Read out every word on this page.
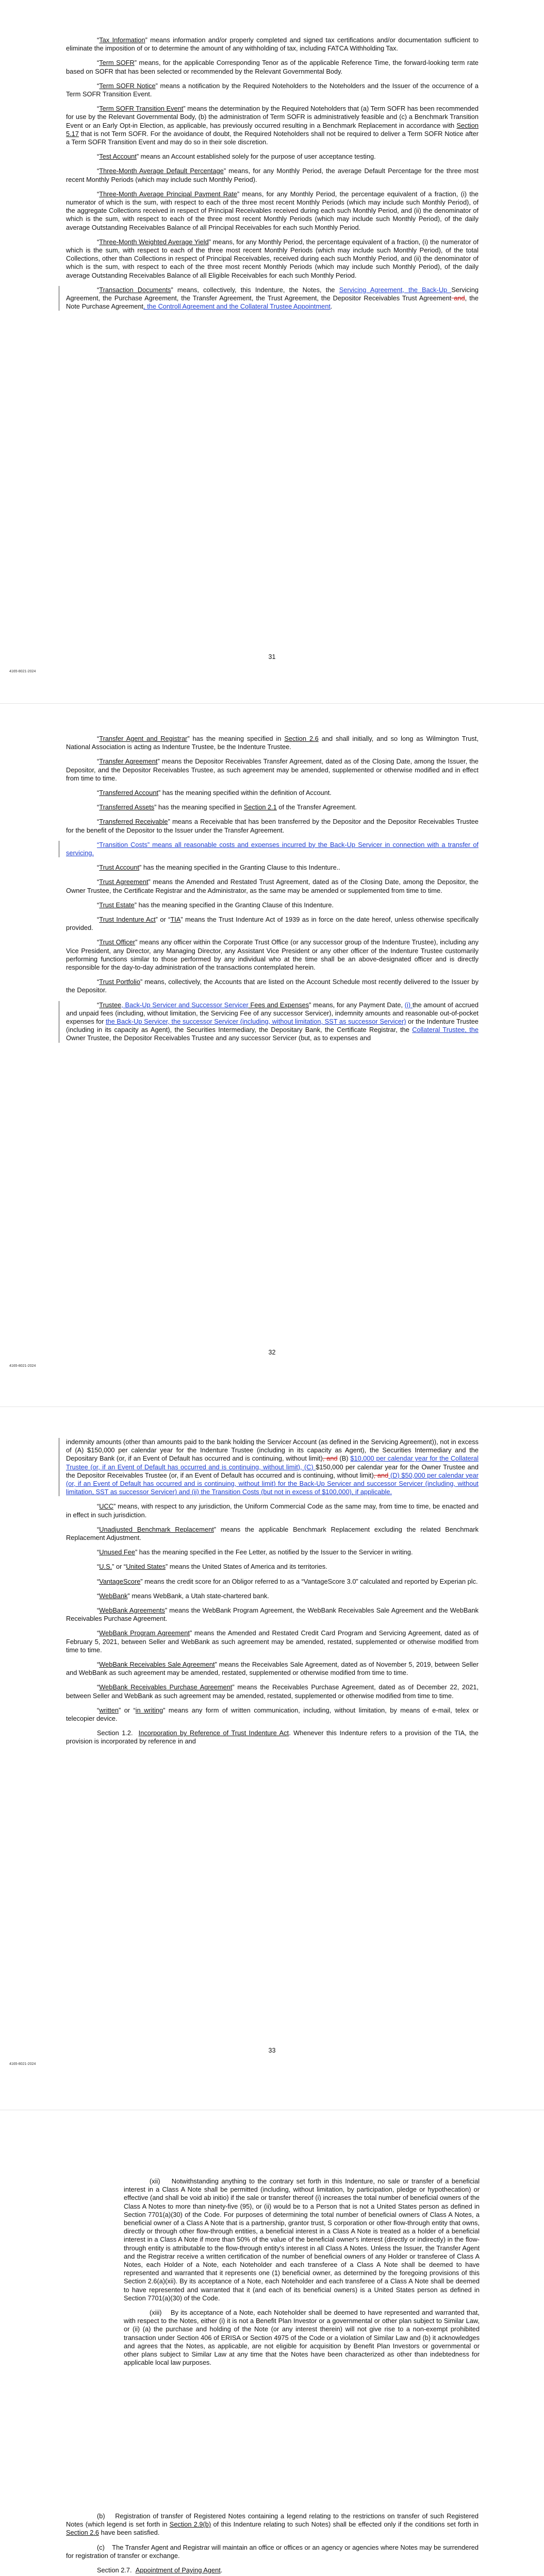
“Tax Information” means information and/or properly completed and signed tax certifications and/or documentation sufficient to eliminate the imposition of or to determine the amount of any withholding of tax, including FATCA Withholding Tax.

“Term SOFR” means, for the applicable Corresponding Tenor as of the applicable Reference Time, the forward-looking term rate based on SOFR that has been selected or recommended by the Relevant Governmental Body.

“Term SOFR Notice” means a notification by the Required Noteholders to the Noteholders and the Issuer of the occurrence of a Term SOFR Transition Event.

“Term SOFR Transition Event” means the determination by the Required Noteholders that (a) Term SOFR has been recommended for use by the Relevant Governmental Body, (b) the administration of Term SOFR is administratively feasible and (c) a Benchmark Transition Event or an Early Opt-in Election, as applicable, has previously occurred resulting in a Benchmark Replacement in accordance with Section 5.17 that is not Term SOFR. For the avoidance of doubt, the Required Noteholders shall not be required to deliver a Term SOFR Notice after a Term SOFR Transition Event and may do so in their sole discretion.

“Test Account” means an Account established solely for the purpose of user acceptance testing.

“Three-Month Average Default Percentage” means, for any Monthly Period, the average Default Percentage for the three most recent Monthly Periods (which may include such Monthly Period).

“Three-Month Average Principal Payment Rate” means, for any Monthly Period, the percentage equivalent of a fraction, (i) the numerator of which is the sum, with respect to each of the three most recent Monthly Periods (which may include such Monthly Period), of the aggregate Collections received in respect of Principal Receivables received during each such Monthly Period, and (ii) the denominator of which is the sum, with respect to each of the three most recent Monthly Periods (which may include such Monthly Period), of the daily average Outstanding Receivables Balance of all Principal Receivables for each such Monthly Period.

“Three-Month Weighted Average Yield” means, for any Monthly Period, the percentage equivalent of a fraction, (i) the numerator of which is the sum, with respect to each of the three most recent Monthly Periods (which may include such Monthly Period), of the total Collections, other than Collections in respect of Principal Receivables, received during each such Monthly Period, and (ii) the denominator of which is the sum, with respect to each of the three most recent Monthly Periods (which may include such Monthly Period), of the daily average Outstanding Receivables Balance of all Eligible Receivables for each such Monthly Period.

“Transaction Documents” means, collectively, this Indenture, the Notes, the Servicing Agreement, the Back-Up Servicing Agreement, the Purchase Agreement, the Transfer Agreement, the Trust Agreement, the Depositor Receivables Trust Agreement and, the Note Purchase Agreement, the Controll Agreement and the Collateral Trustee Appointment.

31
4165-8021-2024

“Transfer Agent and Registrar” has the meaning specified in Section 2.6 and shall initially, and so long as Wilmington Trust, National Association is acting as Indenture Trustee, be the Indenture Trustee.

“Transfer Agreement” means the Depositor Receivables Transfer Agreement, dated as of the Closing Date, among the Issuer, the Depositor, and the Depositor Receivables Trustee, as such agreement may be amended, supplemented or otherwise modified and in effect from time to time.

“Transferred Account” has the meaning specified within the definition of Account.

“Transferred Assets” has the meaning specified in Section 2.1 of the Transfer Agreement.

“Transferred Receivable” means a Receivable that has been transferred by the Depositor and the Depositor Receivables Trustee for the benefit of the Depositor to the Issuer under the Transfer Agreement.

“Transition Costs” means all reasonable costs and expenses incurred by the Back-Up Servicer in connection with a transfer of servicing.

“Trust Account” has the meaning specified in the Granting Clause to this Indenture..

“Trust Agreement” means the Amended and Restated Trust Agreement, dated as of the Closing Date, among the Depositor, the Owner Trustee, the Certificate Registrar and the Administrator, as the same may be amended or supplemented from time to time.

“Trust Estate” has the meaning specified in the Granting Clause of this Indenture.

“Trust Indenture Act” or “TIA” means the Trust Indenture Act of 1939 as in force on the date hereof, unless otherwise specifically provided.

“Trust Officer” means any officer within the Corporate Trust Office (or any successor group of the Indenture Trustee), including any Vice President, any Director, any Managing Director, any Assistant Vice President or any other officer of the Indenture Trustee customarily performing functions similar to those performed by any individual who at the time shall be an above-designated officer and is directly responsible for the day-to-day administration of the transactions contemplated herein.

“Trust Portfolio” means, collectively, the Accounts that are listed on the Account Schedule most recently delivered to the Issuer by the Depositor.

“Trustee, Back-Up Servicer and Successor Servicer Fees and Expenses” means, for any Payment Date, (i) the amount of accrued and unpaid fees (including, without limitation, the Servicing Fee of any successor Servicer), indemnity amounts and reasonable out-of-pocket expenses for the Back-Up Servicer, the successor Servicer (including, without limitation, SST as successor Servicer) or the Indenture Trustee (including in its capacity as Agent), the Securities Intermediary, the Depositary Bank, the Certificate Registrar, the Collateral Trustee, the Owner Trustee, the Depositor Receivables Trustee and any successor Servicer (but, as to expenses and

32
4165-8021-2024

indemnity amounts (other than amounts paid to the bank holding the Servicer Account (as defined in the Servicing Agreement)), not in excess of (A) $150,000 per calendar year for the Indenture Trustee (including in its capacity as Agent), the Securities Intermediary and the Depositary Bank (or, if an Event of Default has occurred and is continuing, without limit), and (B) $10,000 per calendar year for the Collateral Trustee (or, if an Event of Default has occurred and is continuing, without limit), (C) $150,000 per calendar year for the Owner Trustee and the Depositor Receivables Trustee (or, if an Event of Default has occurred and is continuing, without limit), and (D) $50,000 per calendar year (or, if an Event of Default has occurred and is continuing, without limit) for the Back-Up Servicer and successor Servicer (including, without limitation, SST as successor Servicer) and (ii) the Transition Costs (but not in excess of $100,000), if applicable.

“UCC” means, with respect to any jurisdiction, the Uniform Commercial Code as the same may, from time to time, be enacted and in effect in such jurisdiction.

“Unadjusted Benchmark Replacement” means the applicable Benchmark Replacement excluding the related Benchmark Replacement Adjustment.

“Unused Fee” has the meaning specified in the Fee Letter, as notified by the Issuer to the Servicer in writing.

“U.S.” or “United States” means the United States of America and its territories.

“VantageScore” means the credit score for an Obligor referred to as a “VantageScore 3.0” calculated and reported by Experian plc.

“WebBank” means WebBank, a Utah state-chartered bank.

“WebBank Agreements” means the WebBank Program Agreement, the WebBank Receivables Sale Agreement and the WebBank Receivables Purchase Agreement.

“WebBank Program Agreement” means the Amended and Restated Credit Card Program and Servicing Agreement, dated as of February 5, 2021, between Seller and WebBank as such agreement may be amended, restated, supplemented or otherwise modified from time to time.

“WebBank Receivables Sale Agreement” means the Receivables Sale Agreement, dated as of November 5, 2019, between Seller and WebBank as such agreement may be amended, restated, supplemented or otherwise modified from time to time.

“WebBank Receivables Purchase Agreement” means the Receivables Purchase Agreement, dated as of December 22, 2021, between Seller and WebBank as such agreement may be amended, restated, supplemented or otherwise modified from time to time.

“written” or “in writing” means any form of written communication, including, without limitation, by means of e-mail, telex or telecopier device.

Section 1.2. Incorporation by Reference of Trust Indenture Act. Whenever this Indenture refers to a provision of the TIA, the provision is incorporated by reference in and

33
4165-8021-2024

(xii) Notwithstanding anything to the contrary set forth in this Indenture, no sale or transfer of a beneficial interest in a Class A Note shall be permitted (including, without limitation, by participation, pledge or hypothecation) or effective (and shall be void ab initio) if the sale or transfer thereof (i) increases the total number of beneficial owners of the Class A Notes to more than ninety-five (95), or (ii) would be to a Person that is not a United States person as defined in Section 7701(a)(30) of the Code. For purposes of determining the total number of beneficial owners of Class A Notes, a beneficial owner of a Class A Note that is a partnership, grantor trust, S corporation or other flow-through entity that owns, directly or through other flow-through entities, a beneficial interest in a Class A Note is treated as a holder of a beneficial interest in a Class A Note if more than 50% of the value of the beneficial owner's interest (directly or indirectly) in the flow-through entity is attributable to the flow-through entity's interest in all Class A Notes. Unless the Issuer, the Transfer Agent and the Registrar receive a written certification of the number of beneficial owners of any Holder or transferee of Class A Notes, each Holder of a Note, each Noteholder and each transferee of a Class A Note shall be deemed to have represented and warranted that it represents one (1) beneficial owner, as determined by the foregoing provisions of this Section 2.6(a)(xii). By its acceptance of a Note, each Noteholder and each transferee of a Class A Note shall be deemed to have represented and warranted that it (and each of its beneficial owners) is a United States person as defined in Section 7701(a)(30) of the Code.

(xiii) By its acceptance of a Note, each Noteholder shall be deemed to have represented and warranted that, with respect to the Notes, either (i) it is not a Benefit Plan Investor or a governmental or other plan subject to Similar Law, or (ii) (a) the purchase and holding of the Note (or any interest therein) will not give rise to a non-exempt prohibited transaction under Section 406 of ERISA or Section 4975 of the Code or a violation of Similar Law and (b) it acknowledges and agrees that the Notes, as applicable, are not eligible for acquisition by Benefit Plan Investors or governmental or other plans subject to Similar Law at any time that the Notes have been characterized as other than indebtedness for applicable local law purposes.

(b) Registration of transfer of Registered Notes containing a legend relating to the restrictions on transfer of such Registered Notes (which legend is set forth in Section 2.9(b) of this Indenture relating to such Notes) shall be effected only if the conditions set forth in Section 2.6 have been satisfied.

(c) The Transfer Agent and Registrar will maintain an office or offices or an agency or agencies where Notes may be surrendered for registration of transfer or exchange.

Section 2.7. Appointment of Paying Agent.
